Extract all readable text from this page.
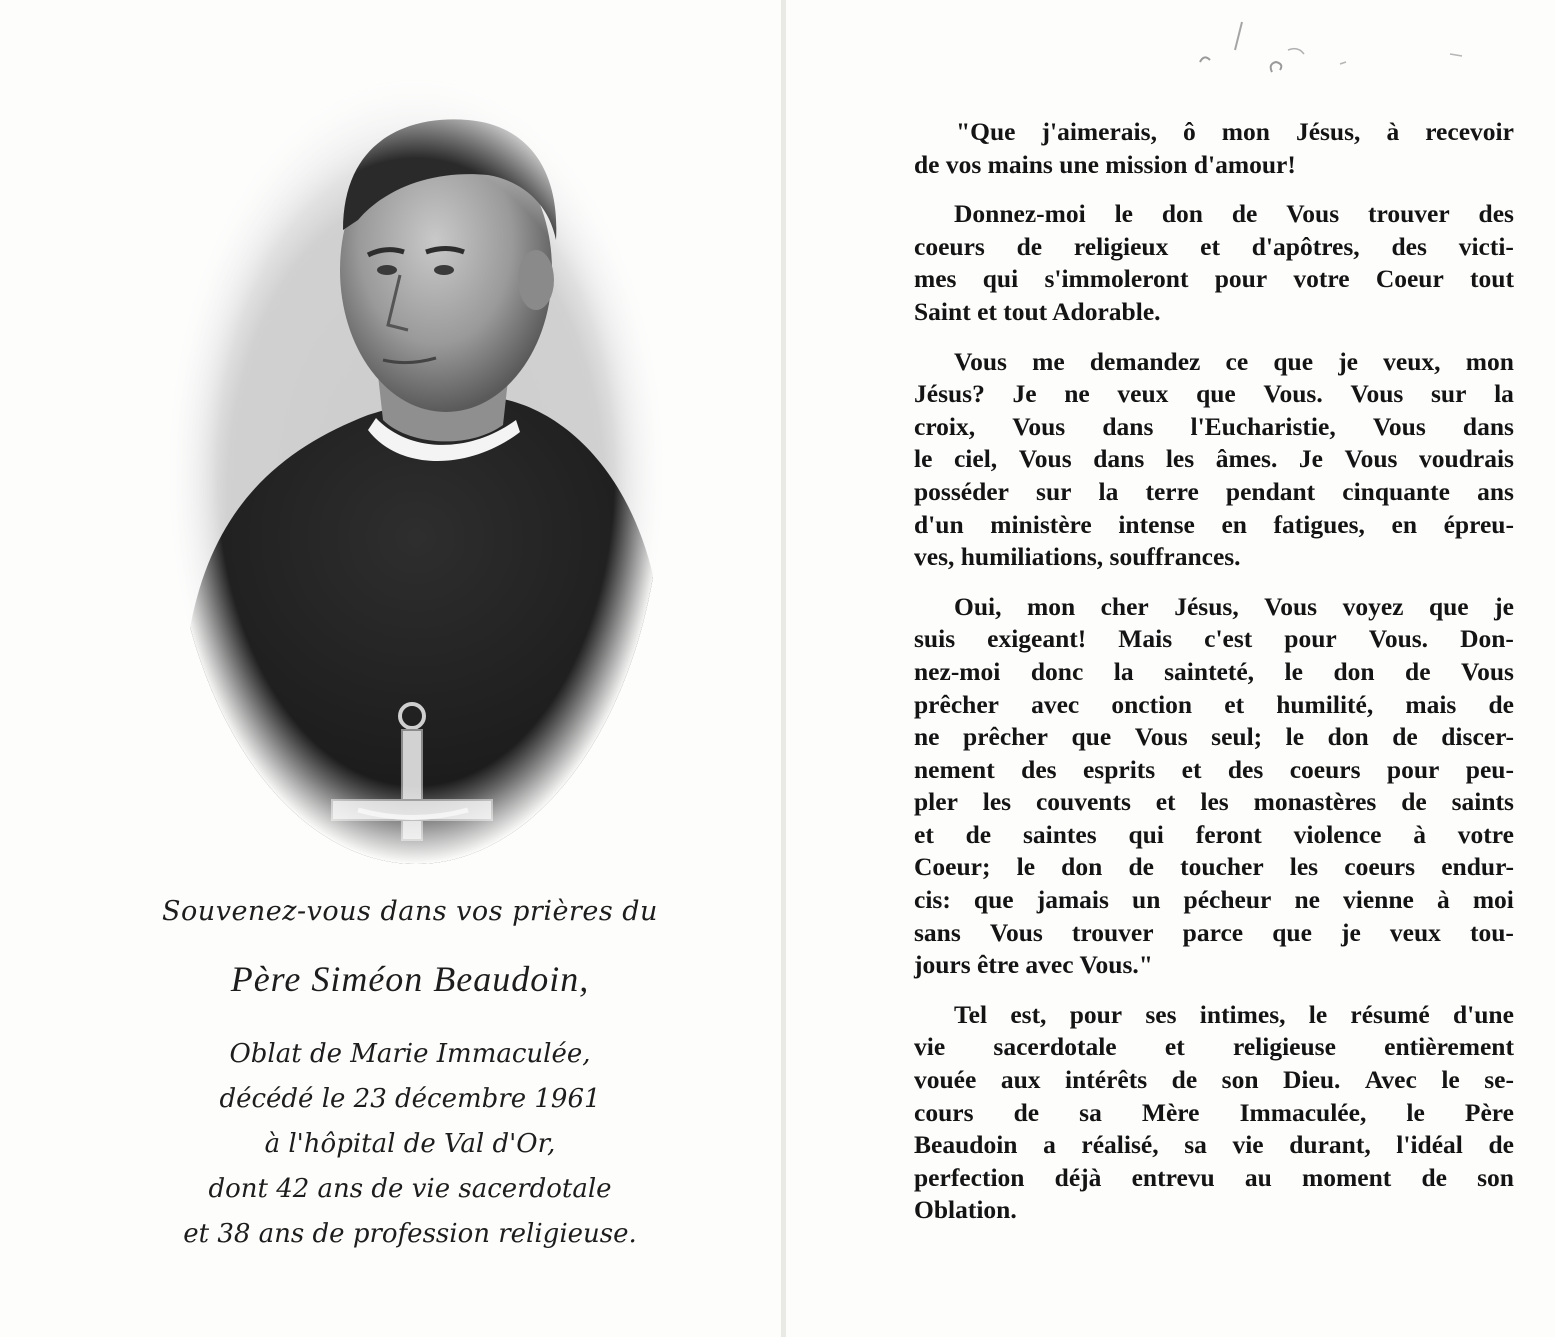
Souvenez-vous dans vos prières du
Père Siméon Beaudoin,
Oblat de Marie Immaculée,
décédé le 23 décembre 1961
à l'hôpital de Val d'Or,
dont 42 ans de vie sacerdotale
et 38 ans de profession religieuse.
"Que j'aimerais, ô mon Jésus, à recevoir
de vos mains une mission d'amour!
Donnez-moi le don de Vous trouver des
coeurs de religieux et d'apôtres, des victi-
mes qui s'immoleront pour votre Coeur tout
Saint et tout Adorable.
Vous me demandez ce que je veux, mon
Jésus? Je ne veux que Vous. Vous sur la
croix, Vous dans l'Eucharistie, Vous dans
le ciel, Vous dans les âmes. Je Vous voudrais
posséder sur la terre pendant cinquante ans
d'un ministère intense en fatigues, en épreu-
ves, humiliations, souffrances.
Oui, mon cher Jésus, Vous voyez que je
suis exigeant! Mais c'est pour Vous. Don-
nez-moi donc la sainteté, le don de Vous
prêcher avec onction et humilité, mais de
ne prêcher que Vous seul; le don de discer-
nement des esprits et des coeurs pour peu-
pler les couvents et les monastères de saints
et de saintes qui feront violence à votre
Coeur; le don de toucher les coeurs endur-
cis: que jamais un pécheur ne vienne à moi
sans Vous trouver parce que je veux tou-
jours être avec Vous."
Tel est, pour ses intimes, le résumé d'une
vie sacerdotale et religieuse entièrement
vouée aux intérêts de son Dieu. Avec le se-
cours de sa Mère Immaculée, le Père
Beaudoin a réalisé, sa vie durant, l'idéal de
perfection déjà entrevu au moment de son
Oblation.
